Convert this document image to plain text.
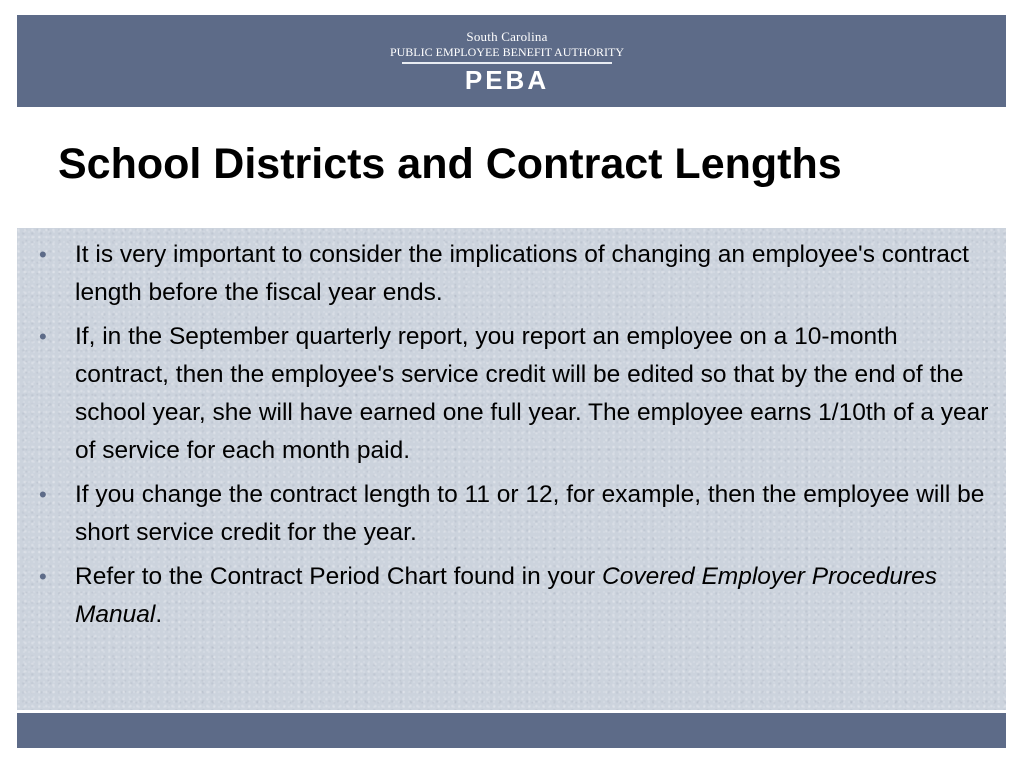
South Carolina
PUBLIC EMPLOYEE BENEFIT AUTHORITY
PEBA
School Districts and Contract Lengths
• It is very important to consider the implications of changing an employee's contract length before the fiscal year ends.
• If, in the September quarterly report, you report an employee on a 10-month contract, then the employee's service credit will be edited so that by the end of the school year, she will have earned one full year. The employee earns 1/10th of a year of service for each month paid.
• If you change the contract length to 11 or 12, for example, then the employee will be short service credit for the year.
• Refer to the Contract Period Chart found in your Covered Employer Procedures Manual.
